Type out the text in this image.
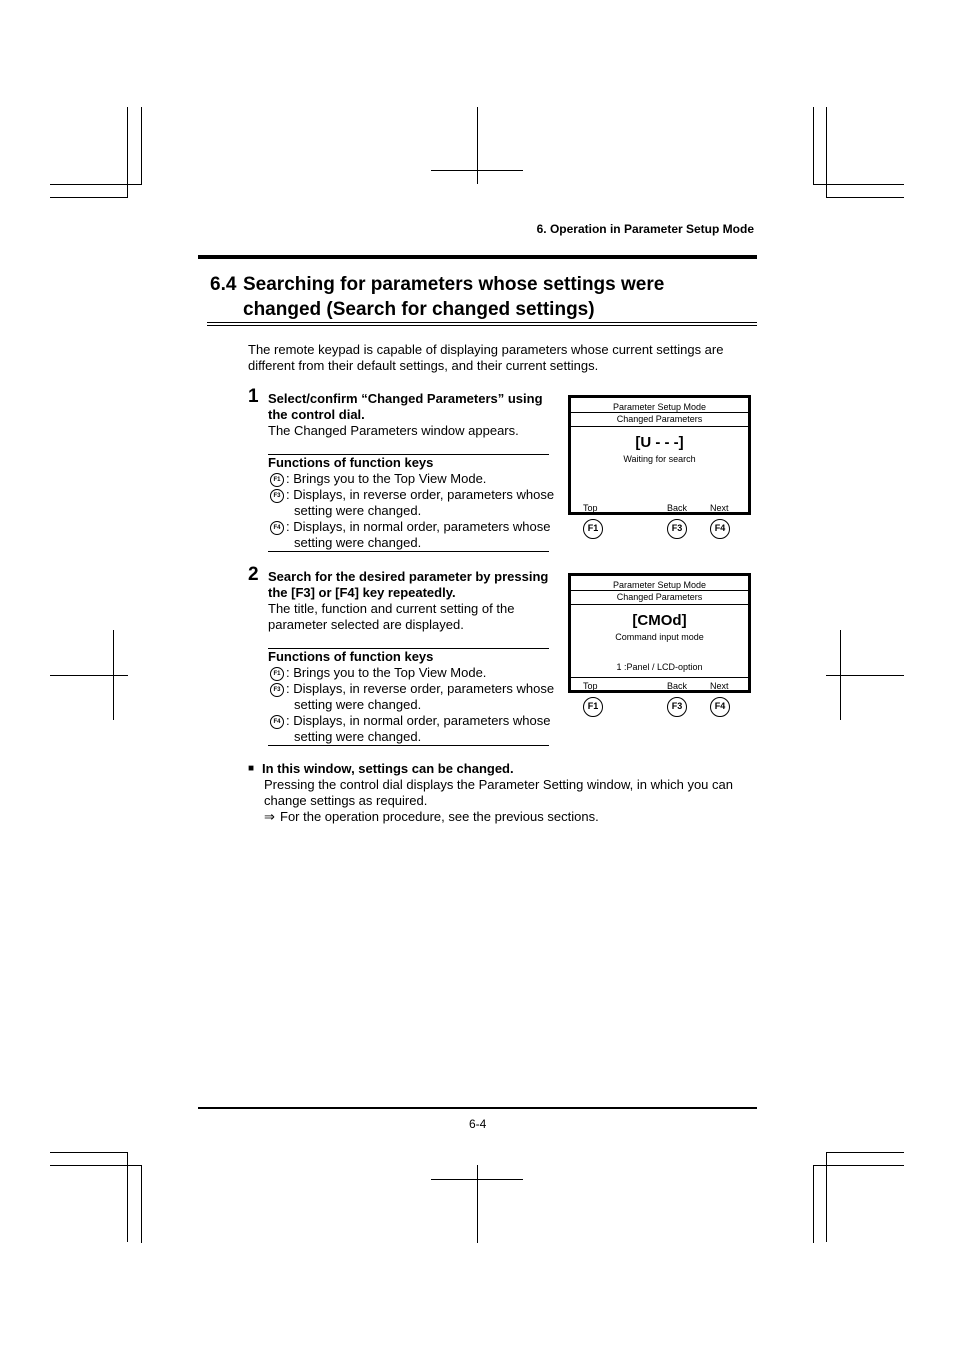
6. Operation in Parameter Setup Mode
6.4 Searching for parameters whose settings were
changed (Search for changed settings)
The remote keypad is capable of displaying parameters whose current settings are
different from their default settings, and their current settings.
1 Select/confirm “Changed Parameters” using
the control dial.
The Changed Parameters window appears.
Functions of function keys
F1 : Brings you to the Top View Mode.
F3 : Displays, in reverse order, parameters whose
setting were changed.
F4 : Displays, in normal order, parameters whose
setting were changed.
Parameter Setup Mode
Changed Parameters
[U - - -]
Waiting for search
Top	Back	Next
F1	F3	F4
2 Search for the desired parameter by pressing
the [F3] or [F4] key repeatedly.
The title, function and current setting of the
parameter selected are displayed.
Functions of function keys
F1 : Brings you to the Top View Mode.
F3 : Displays, in reverse order, parameters whose
setting were changed.
F4 : Displays, in normal order, parameters whose
setting were changed.
Parameter Setup Mode
Changed Parameters
[CMOd]
Command input mode
1 :Panel / LCD-option
Top	Back	Next
F1	F3	F4
■ In this window, settings can be changed.
Pressing the control dial displays the Parameter Setting window, in which you can
change settings as required.
⇒ For the operation procedure, see the previous sections.
6-4
